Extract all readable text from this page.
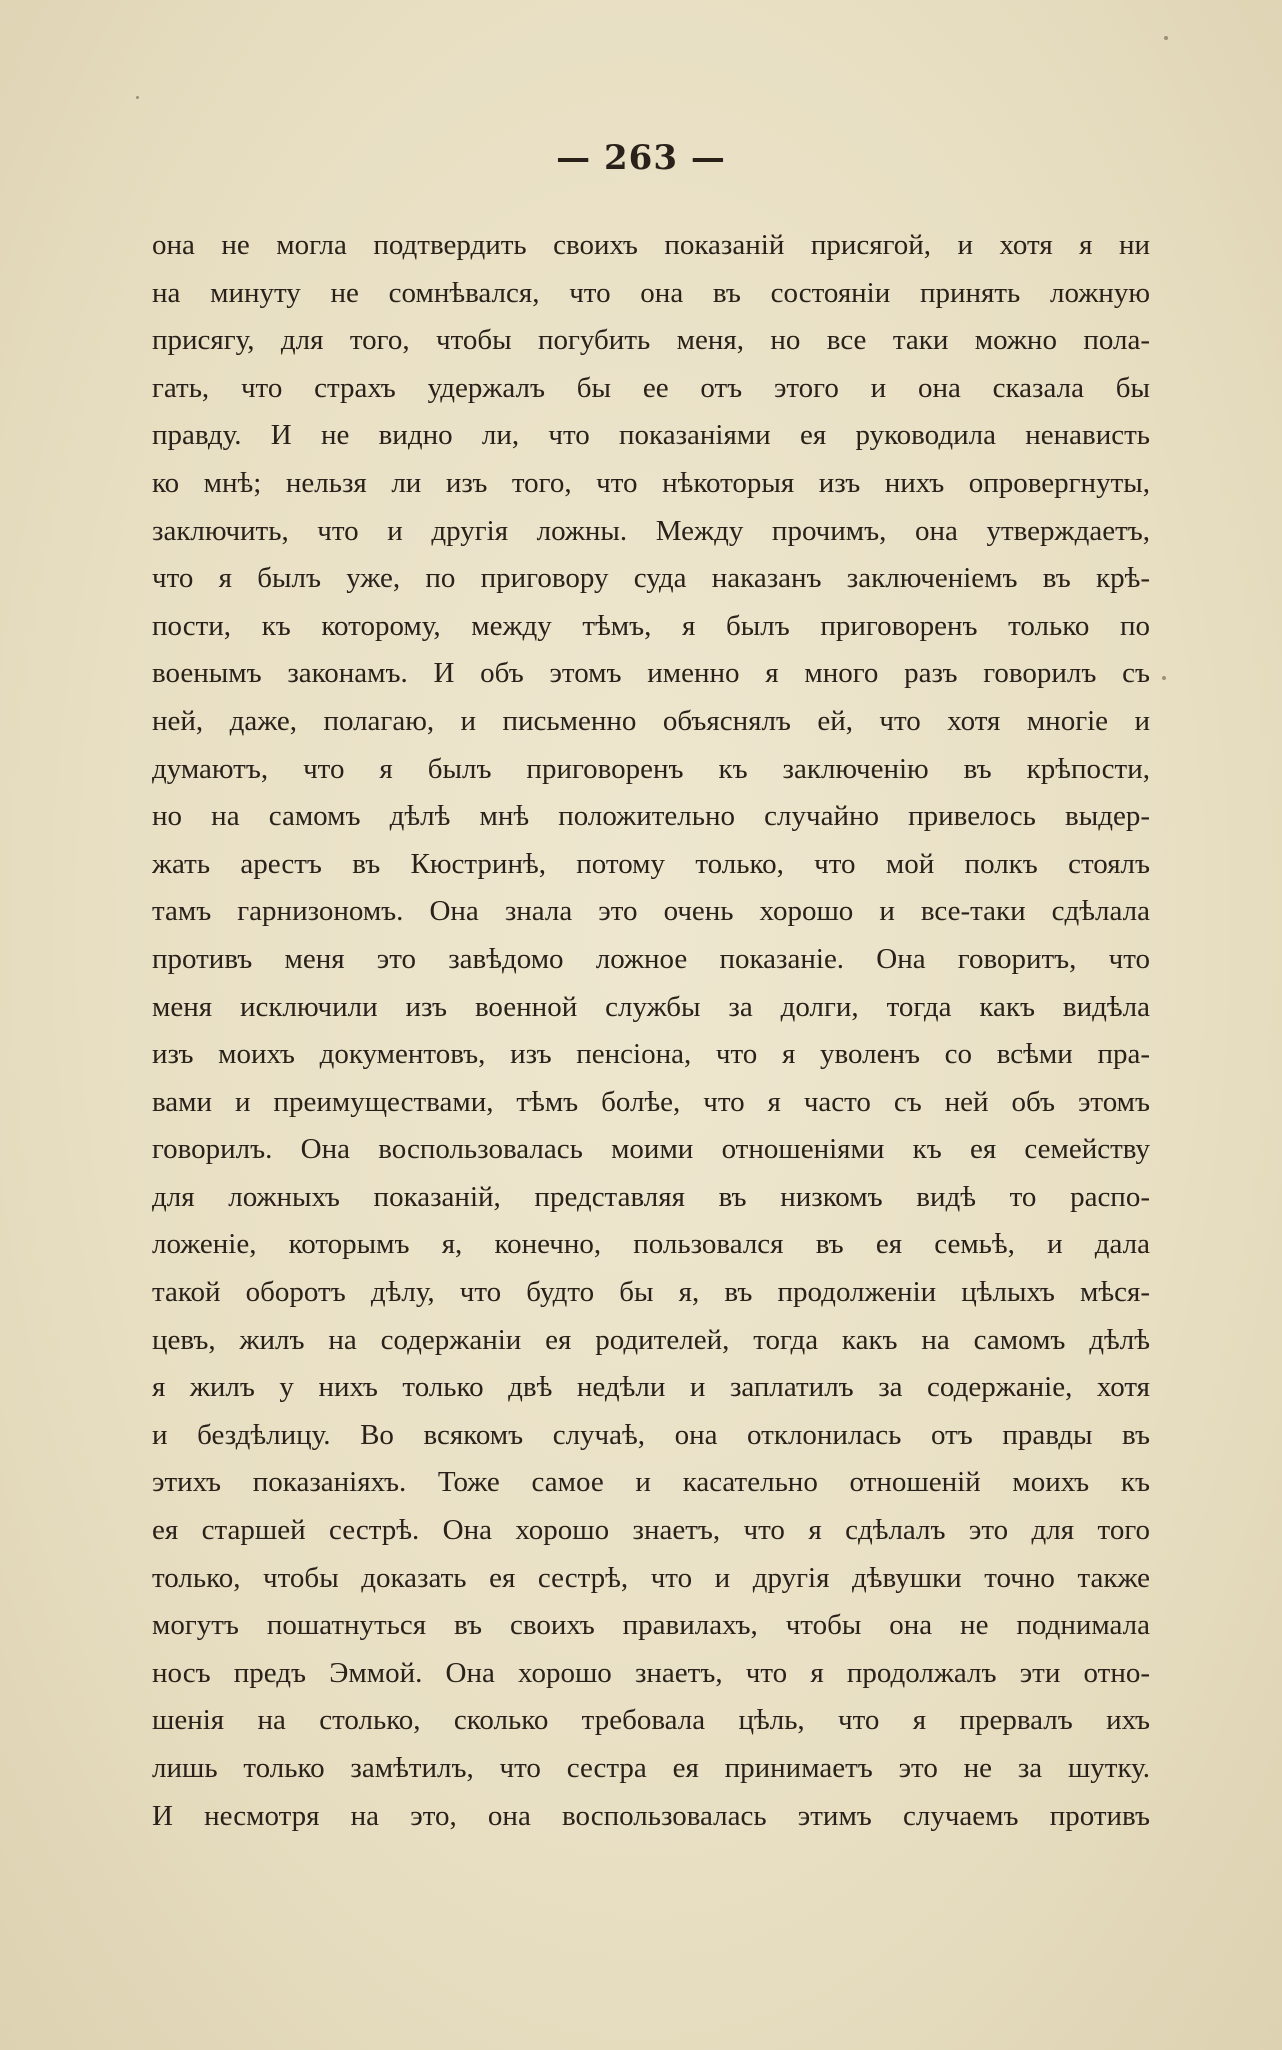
— 263 —
она не могла подтвердить своихъ показаній присягой, и хотя я ни
на минуту не сомнѣвался, что она въ состояніи принять ложную
присягу, для того, чтобы погубить меня, но все таки можно пола-
гать, что страхъ удержалъ бы ее отъ этого и она сказала бы
правду. И не видно ли, что показаніями ея руководила ненависть
ко мнѣ; нельзя ли изъ того, что нѣкоторыя изъ нихъ опровергнуты,
заключить, что и другія ложны. Между прочимъ, она утверждаетъ,
что я былъ уже, по приговору суда наказанъ заключеніемъ въ крѣ-
пости, къ которому, между тѣмъ, я былъ приговоренъ только по
военымъ законамъ. И объ этомъ именно я много разъ говорилъ съ
ней, даже, полагаю, и письменно объяснялъ ей, что хотя многіе и
думаютъ, что я былъ приговоренъ къ заключенію въ крѣпости,
но на самомъ дѣлѣ мнѣ положительно случайно привелось выдер-
жать арестъ въ Кюстринѣ, потому только, что мой полкъ стоялъ
тамъ гарнизономъ. Она знала это очень хорошо и все-таки сдѣлала
противъ меня это завѣдомо ложное показаніе. Она говоритъ, что
меня исключили изъ военной службы за долги, тогда какъ видѣла
изъ моихъ документовъ, изъ пенсіона, что я уволенъ со всѣми пра-
вами и преимуществами, тѣмъ болѣе, что я часто съ ней объ этомъ
говорилъ. Она воспользовалась моими отношеніями къ ея семейству
для ложныхъ показаній, представляя въ низкомъ видѣ то распо-
ложеніе, которымъ я, конечно, пользовался въ ея семьѣ, и дала
такой оборотъ дѣлу, что будто бы я, въ продолженіи цѣлыхъ мѣся-
цевъ, жилъ на содержаніи ея родителей, тогда какъ на самомъ дѣлѣ
я жилъ у нихъ только двѣ недѣли и заплатилъ за содержаніе, хотя
и бездѣлицу. Во всякомъ случаѣ, она отклонилась отъ правды въ
этихъ показаніяхъ. Тоже самое и касательно отношеній моихъ къ
ея старшей сестрѣ. Она хорошо знаетъ, что я сдѣлалъ это для того
только, чтобы доказать ея сестрѣ, что и другія дѣвушки точно также
могутъ пошатнуться въ своихъ правилахъ, чтобы она не поднимала
носъ предъ Эммой. Она хорошо знаетъ, что я продолжалъ эти отно-
шенія на столько, сколько требовала цѣль, что я прервалъ ихъ
лишь только замѣтилъ, что сестра ея принимаетъ это не за шутку.
И несмотря на это, она воспользовалась этимъ случаемъ противъ
